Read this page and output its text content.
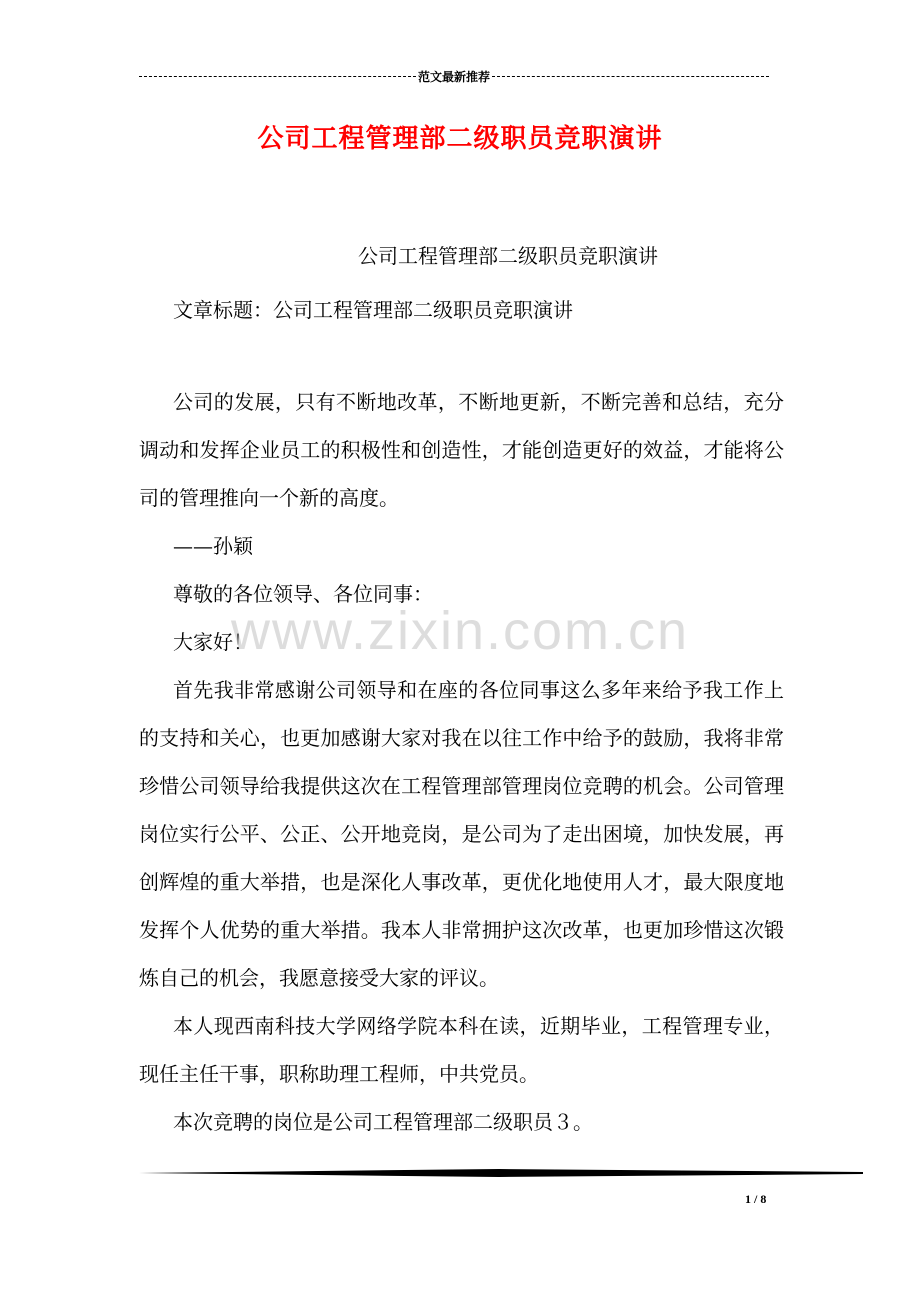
范文最新推荐
公司工程管理部二级职员竞职演讲
公司工程管理部二级职员竞职演讲

文章标题：公司工程管理部二级职员竞职演讲

公司的发展，只有不断地改革，不断地更新，不断完善和总结，充分调动和发挥企业员工的积极性和创造性，才能创造更好的效益，才能将公司的管理推向一个新的高度。

——孙颖

尊敬的各位领导、各位同事：

大家好！

首先我非常感谢公司领导和在座的各位同事这么多年来给予我工作上的支持和关心，也更加感谢大家对我在以往工作中给予的鼓励，我将非常珍惜公司领导给我提供这次在工程管理部管理岗位竞聘的机会。公司管理岗位实行公平、公正、公开地竞岗，是公司为了走出困境，加快发展，再创辉煌的重大举措，也是深化人事改革，更优化地使用人才，最大限度地发挥个人优势的重大举措。我本人非常拥护这次改革，也更加珍惜这次锻炼自己的机会，我愿意接受大家的评议。

本人现西南科技大学网络学院本科在读，近期毕业，工程管理专业，现任主任干事，职称助理工程师，中共党员。

本次竞聘的岗位是公司工程管理部二级职员３。

www.zixin.com.cn
1 / 8
